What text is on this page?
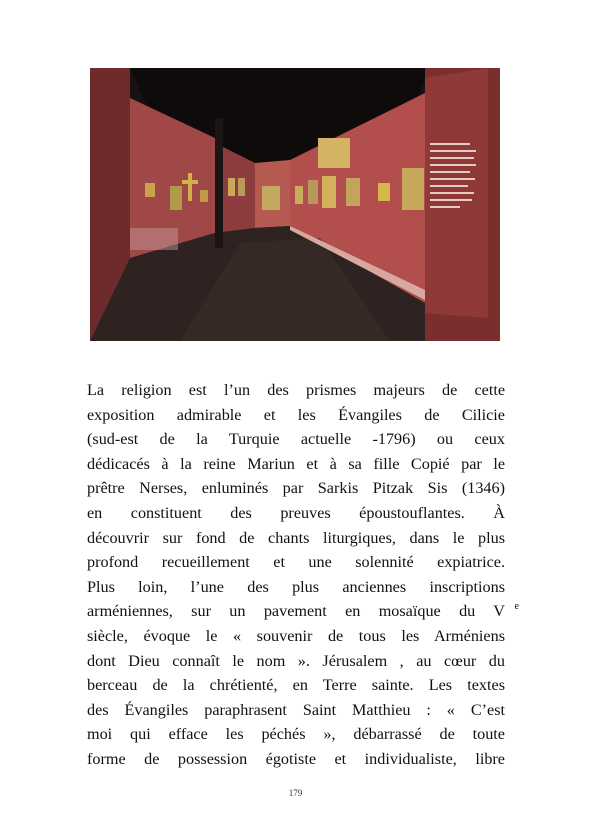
La religion est l’un des prismes majeurs de cette
exposition admirable et les Évangiles de Cilicie
(sud-est de la Turquie actuelle -1796) ou ceux
dédicacés à la reine Mariun et à sa fille Copié par le
prêtre Nerses, enluminés par Sarkis Pitzak Sis (1346)
en constituent des preuves époustouflantes. À
découvrir sur fond de chants liturgiques, dans le plus
profond recueillement et une solennité expiatrice.
Plus loin, l’une des plus anciennes inscriptions
arméniennes, sur un pavement en mosaïque du V e
siècle, évoque le « souvenir de tous les Arméniens
dont Dieu connaît le nom ». Jérusalem , au cœur du
berceau de la chrétienté, en Terre sainte. Les textes
des Évangiles paraphrasent Saint Matthieu : « C’est
moi qui efface les péchés », débarrassé de toute
forme de possession égotiste et individualiste, libre
179
